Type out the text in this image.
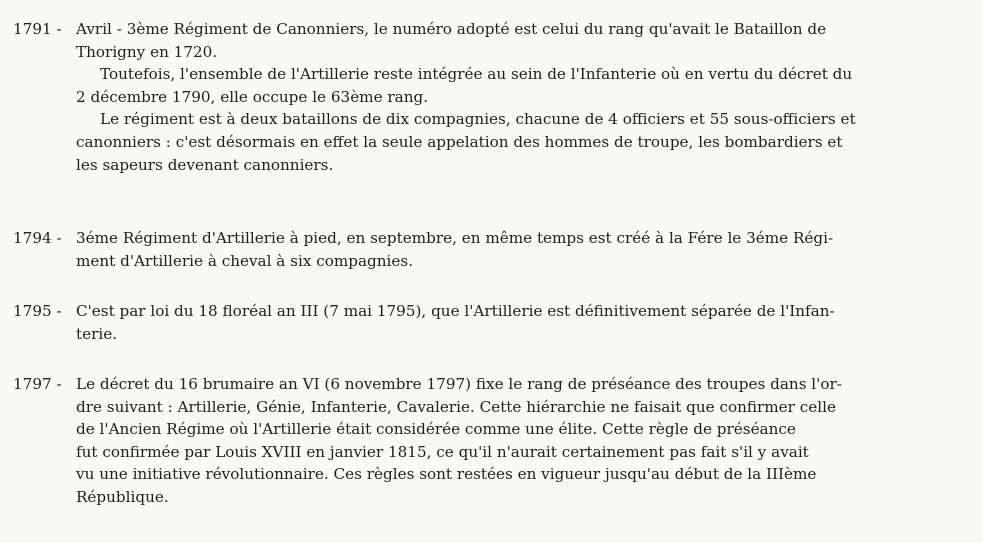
1791 - Avril - 3ème Régiment de Canonniers, le numéro adopté est celui du rang qu'avait le Bataillon de
Thorigny en 1720.
Toutefois, l'ensemble de l'Artillerie reste intégrée au sein de l'Infanterie où en vertu du décret du
2 décembre 1790, elle occupe le 63ème rang.
Le régiment est à deux bataillons de dix compagnies, chacune de 4 officiers et 55 sous-officiers et
canonniers : c'est désormais en effet la seule appelation des hommes de troupe, les bombardiers et
les sapeurs devenant canonniers.
1794 - 3éme Régiment d'Artillerie à pied, en septembre, en même temps est créé à la Fére le 3éme Régi-
ment d'Artillerie à cheval à six compagnies.
1795 - C'est par loi du 18 floréal an III (7 mai 1795), que l'Artillerie est définitivement séparée de l'Infan-
terie.
1797 - Le décret du 16 brumaire an VI (6 novembre 1797) fixe le rang de préséance des troupes dans l'or-
dre suivant : Artillerie, Génie, Infanterie, Cavalerie. Cette hiérarchie ne faisait que confirmer celle
de l'Ancien Régime où l'Artillerie était considérée comme une élite. Cette règle de préséance
fut confirmée par Louis XVIII en janvier 1815, ce qu'il n'aurait certainement pas fait s'il y avait
vu une initiative révolutionnaire. Ces règles sont restées en vigueur jusqu'au début de la IIIème
République.
